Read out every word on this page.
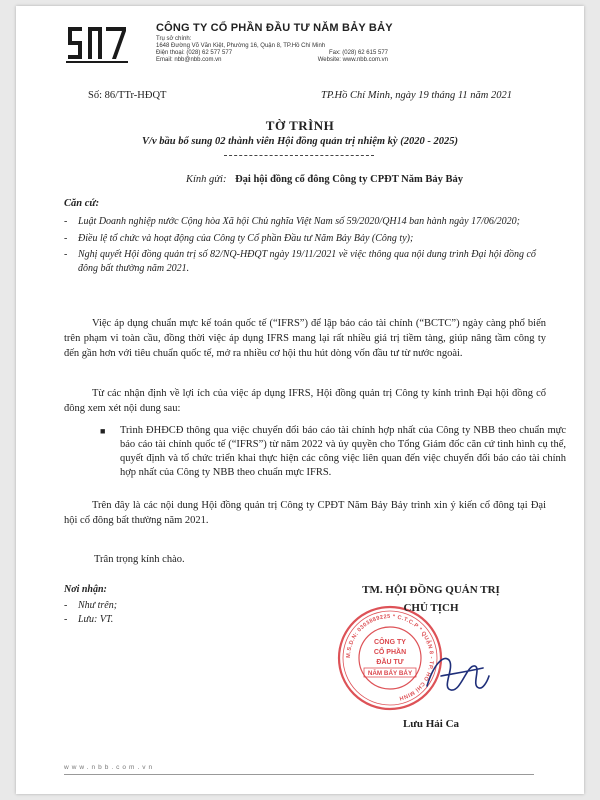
CÔNG TY CỔ PHẦN ĐẦU TƯ NĂM BẢY BẢY
Trụ sở chính:
1648 Đường Võ Văn Kiệt, Phường 16, Quận 8, TP.Hồ Chí Minh
Điện thoại: (028) 62 577 577	Fax: (028) 62 615 577
Email: nbb@nbb.com.vn	Website: www.nbb.com.vn
Số: 86/TTr-HĐQT	TP.Hồ Chí Minh, ngày 19 tháng 11 năm 2021
TỜ TRÌNH
V/v bầu bổ sung 02 thành viên Hội đồng quản trị nhiệm kỳ (2020 - 2025)
Kính gửi: Đại hội đồng cổ đông Công ty CPĐT Năm Bảy Bảy
Căn cứ:
- Luật Doanh nghiệp nước Cộng hòa Xã hội Chủ nghĩa Việt Nam số 59/2020/QH14 ban hành ngày 17/06/2020;
- Điều lệ tổ chức và hoạt động của Công ty Cổ phần Đầu tư Năm Bảy Bảy (Công ty);
- Nghị quyết Hội đồng quản trị số 82/NQ-HĐQT ngày 19/11/2021 về việc thông qua nội dung trình Đại hội đồng cổ đông bất thường năm 2021.

Việc áp dụng chuẩn mực kế toán quốc tế (“IFRS”) để lập báo cáo tài chính (“BCTC”) ngày càng phổ biến trên phạm vi toàn cầu, đồng thời việc áp dụng IFRS mang lại rất nhiều giá trị tiềm tàng, giúp nâng tầm công ty đến gần hơn với tiêu chuẩn quốc tế, mở ra nhiều cơ hội thu hút dòng vốn đầu tư từ nước ngoài.

Từ các nhận định về lợi ích của việc áp dụng IFRS, Hội đồng quản trị Công ty kính trình Đại hội đồng cổ đông xem xét nội dung sau:

■ Trình ĐHĐCĐ thông qua việc chuyển đổi báo cáo tài chính hợp nhất của Công ty NBB theo chuẩn mực báo cáo tài chính quốc tế (“IFRS”) từ năm 2022 và ủy quyền cho Tổng Giám đốc căn cứ tình hình cụ thể, quyết định và tổ chức triển khai thực hiện các công việc liên quan đến việc chuyển đổi báo cáo tài chính hợp nhất của Công ty NBB theo chuẩn mực IFRS.

Trên đây là các nội dung Hội đồng quản trị Công ty CPĐT Năm Bảy Bảy trình xin ý kiến cổ đông tại Đại hội cổ đông bất thường năm 2021.

Trân trọng kính chào.
Nơi nhận:
- Như trên;
- Lưu: VT.
M.S.D.N: 0303889225 * C.T.C.P * QUẬN 8 - TP. HỒ CHÍ MINH
CÔNG TY
CỔ PHẦN
ĐẦU TƯ
NĂM BẢY BẢY
TM. HỘI ĐỒNG QUẢN TRỊ
CHỦ TỊCH
Lưu Hải Ca
www.nbb.com.vn
